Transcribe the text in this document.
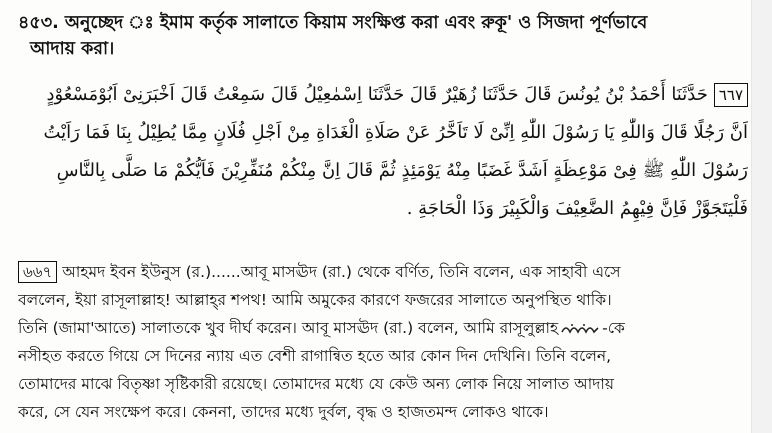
৪৫৩. অনুচ্ছেদ ঃ ইমাম কর্তৃক সালাতে কিয়াম সংক্ষিপ্ত করা এবং রুকূ' ও সিজদা পূর্ণভাবে
আদায় করা।
٦٦٧حَدَّثَنَا أَحْمَدُ بْنُ يُونُسَ قَالَ حَدَّثَنَا زُهَيْرٌ قَالَ حَدَّثَنَا اِسْمٰعِيْلُ قَالَ سَمِعْتُ قَالَ اَخْبَرَنِىْ اَبُوْمَسْعُوْدٍ
اَنَّ رَجُلًا قَالَ وَاللّٰهِ يَا رَسُوْلَ اللّٰهِ اِنِّىْ لَا تَاَخَّرُ عَنْ صَلَاةِ الْغَدَاةِ مِنْ اَجْلِ فُلَانٍ مِمَّا يُطِيْلُ بِنَا فَمَا رَاَيْتُ
رَسُوْلَ اللّٰهِ ﷺ فِىْ مَوْعِظَةٍ اَشَدَّ غَضَبًا مِنْهُ يَوْمَئِذٍ ثُمَّ قَالَ اِنَّ مِنْكُمْ مُنَفِّرِيْنَ فَاَيُّكُمْ مَا صَلَّى بِالنَّاسِ
فَلْيَتَجَوَّزْ فَاِنَّ فِيْهِمُ الضَّعِيْفَ وَالْكَبِيْرَ وَذَا الْحَاجَةِ .
৬৬৭ আহমদ ইবন ইউনুস (র.)......আবূ মাসঊদ (রা.) থেকে বর্ণিত, তিনি বলেন, এক সাহাবী এসে
বললেন, ইয়া রাসূলাল্লাহ! আল্লাহ্‌র শপথ! আমি অমুকের কারণে ফজরের সালাতে অনুপস্থিত থাকি।
তিনি (জামা'আতে) সালাতকে খুব দীর্ঘ করেন। আবূ মাসঊদ (রা.) বলেন, আমি রাসূলুল্লাহ	-কে
নসীহত করতে গিয়ে সে দিনের ন্যায় এত বেশী রাগান্বিত হতে আর কোন দিন দেখিনি। তিনি বলেন,
তোমাদের মাঝে বিতৃষ্ণা সৃষ্টিকারী রয়েছে। তোমাদের মধ্যে যে কেউ অন্য লোক নিয়ে সালাত আদায়
করে, সে যেন সংক্ষেপ করে। কেননা, তাদের মধ্যে দুর্বল, বৃদ্ধ ও হাজতমন্দ লোকও থাকে।
